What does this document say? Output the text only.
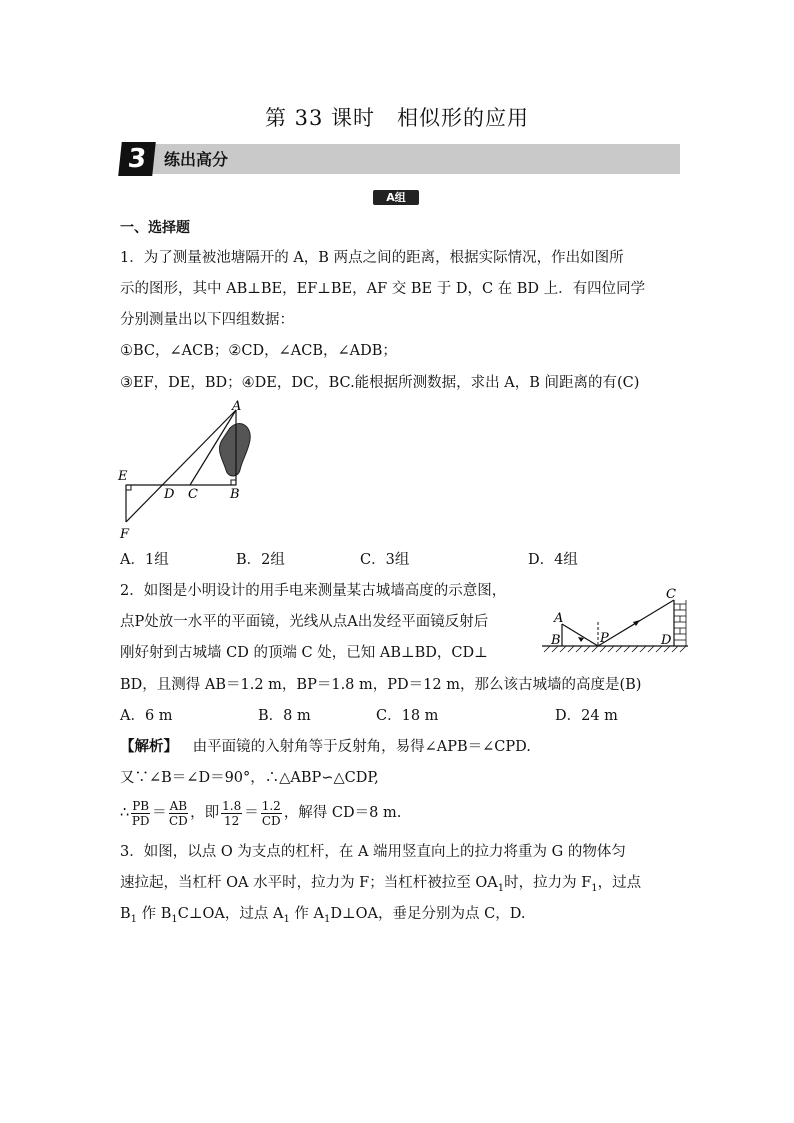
第 33 课时　相似形的应用
3	练出高分
A组
一、选择题
1．为了测量被池塘隔开的 A，B 两点之间的距离，根据实际情况，作出如图所
示的图形，其中 AB⊥BE，EF⊥BE，AF 交 BE 于 D，C 在 BD 上．有四位同学
分别测量出以下四组数据：
①BC，∠ACB；②CD，∠ACB，∠ADB；
③EF，DE，BD；④DE，DC，BC.能根据所测数据，求出 A，B 间距离的有(C)
A
E
D C B
F
A．1组	B．2组	C．3组	D．4组
2．如图是小明设计的用手电来测量某古城墙高度的示意图，
点P处放一水平的平面镜，光线从点A出发经平面镜反射后
刚好射到古城墙 CD 的顶端 C 处，已知 AB⊥BD，CD⊥
BD，且测得 AB＝1.2 m，BP＝1.8 m，PD＝12 m，那么该古城墙的高度是(B)
A
B	P
C
D
A．6 m	B．8 m	C．18 m	D．24 m
【解析】 由平面镜的入射角等于反射角，易得∠APB＝∠CPD.
又∵∠B＝∠D＝90°，∴△ABP∽△CDP,
∴ $\frac{PB}{PD} = \frac{AB}{CD}$ ，即 $\frac{1.8}{12} = \frac{1.2}{CD}$ ，解得 CD＝8 m.
3．如图，以点 O 为支点的杠杆，在 A 端用竖直向上的拉力将重为 G 的物体匀
速拉起，当杠杆 OA 水平时，拉力为 F；当杠杆被拉至 $OA_1$时，拉力为 $F_1$，过点
$B_1$ 作 $B_1C\perp OA$，过点 $A_1$ 作 $A_1D\perp OA$，垂足分别为点 C，D.
